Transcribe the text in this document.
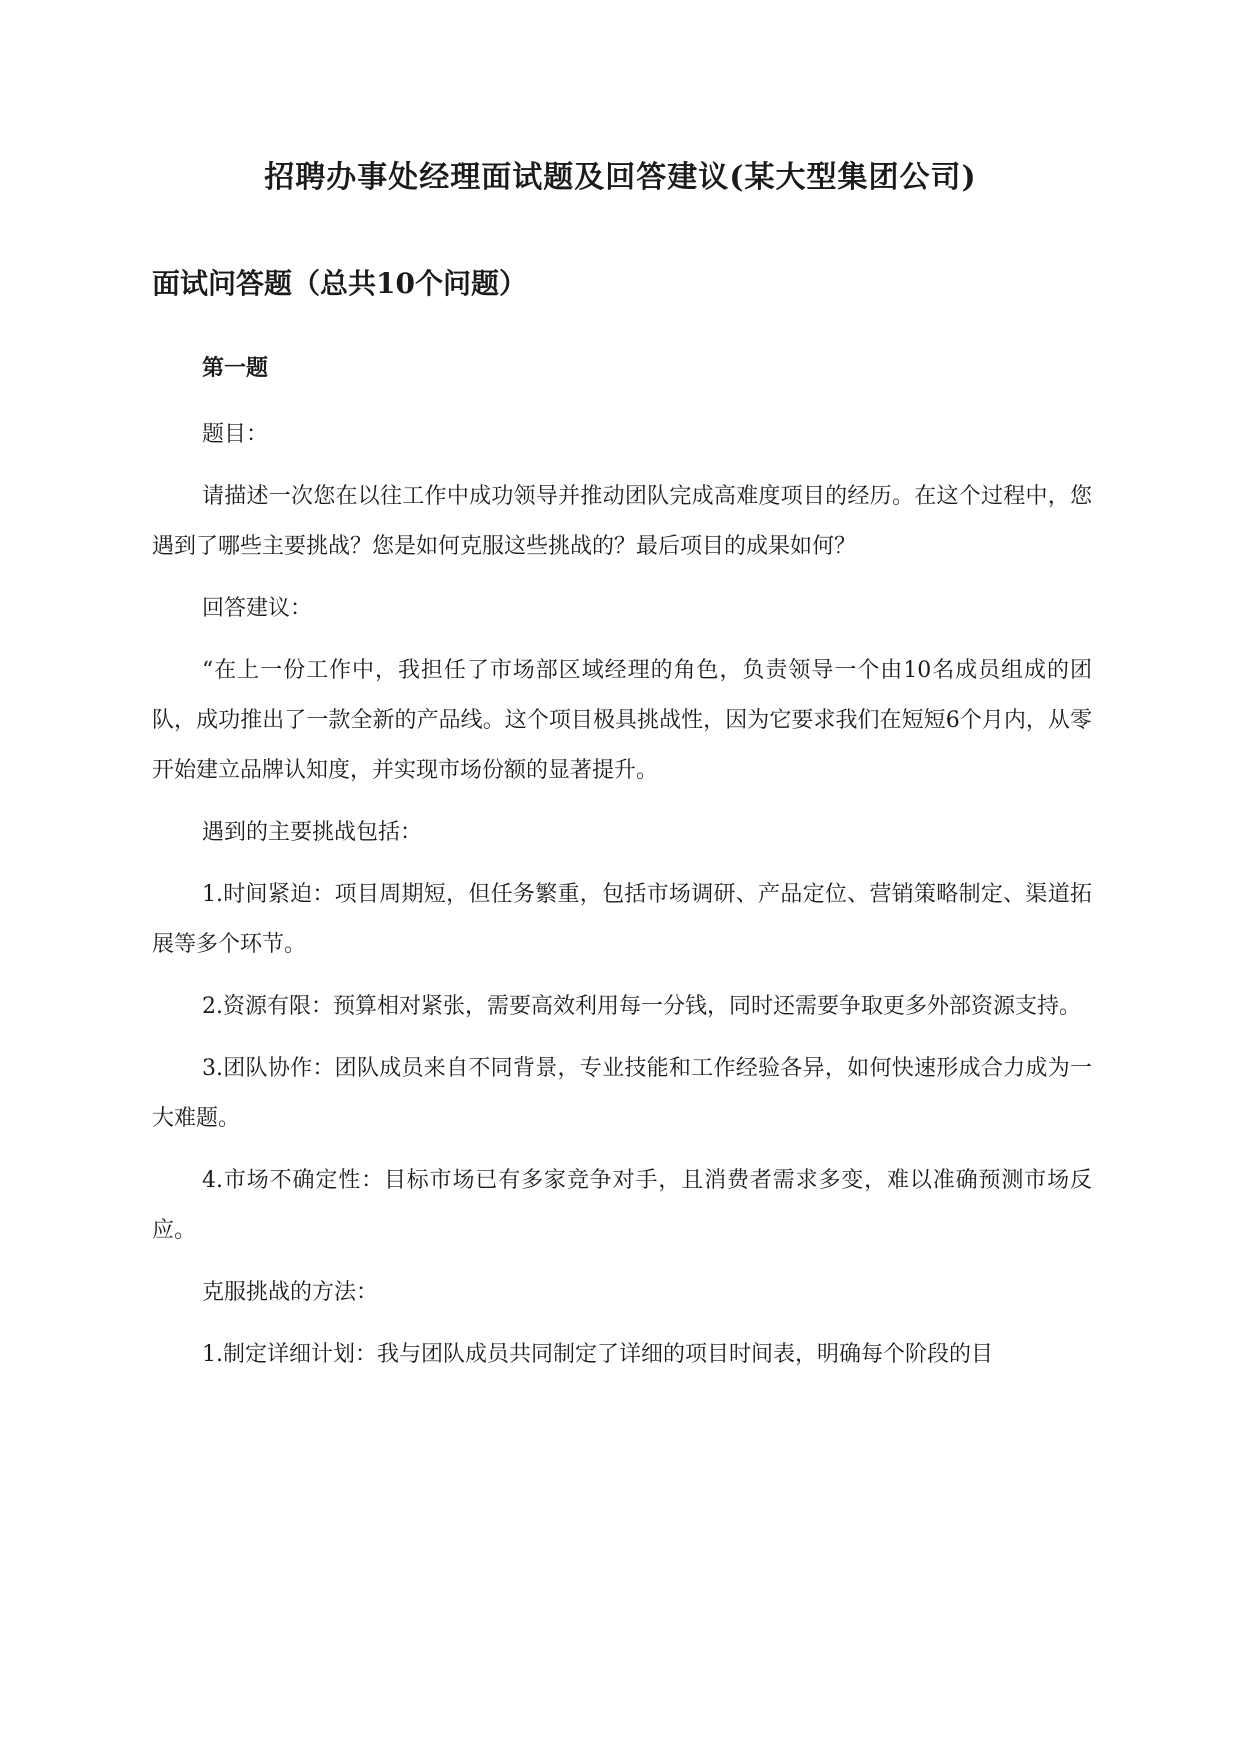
招聘办事处经理面试题及回答建议(某大型集团公司)
面试问答题（总共10个问题）
第一题

题目：

请描述一次您在以往工作中成功领导并推动团队完成高难度项目的经历。在这个过程中，您遇到了哪些主要挑战？您是如何克服这些挑战的？最后项目的成果如何？

回答建议：

“在上一份工作中，我担任了市场部区域经理的角色，负责领导一个由10名成员组成的团队，成功推出了一款全新的产品线。这个项目极具挑战性，因为它要求我们在短短6个月内，从零开始建立品牌认知度，并实现市场份额的显著提升。

遇到的主要挑战包括：

1.时间紧迫：项目周期短，但任务繁重，包括市场调研、产品定位、营销策略制定、渠道拓展等多个环节。

2.资源有限：预算相对紧张，需要高效利用每一分钱，同时还需要争取更多外部资源支持。

3.团队协作：团队成员来自不同背景，专业技能和工作经验各异，如何快速形成合力成为一大难题。

4.市场不确定性：目标市场已有多家竞争对手，且消费者需求多变，难以准确预测市场反应。

克服挑战的方法：

1.制定详细计划：我与团队成员共同制定了详细的项目时间表，明确每个阶段的目
